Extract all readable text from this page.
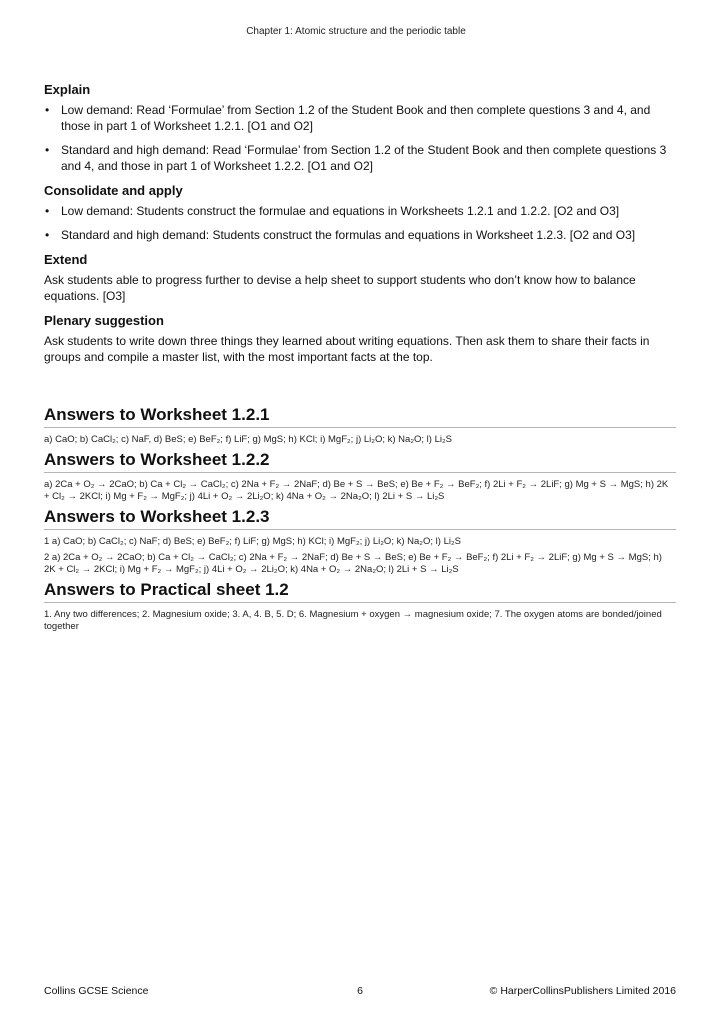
Chapter 1: Atomic structure and the periodic table
Explain
• Low demand: Read ‘Formulae’ from Section 1.2 of the Student Book and then complete questions 3 and 4, and those in part 1 of Worksheet 1.2.1. [O1 and O2]
• Standard and high demand: Read ‘Formulae’ from Section 1.2 of the Student Book and then complete questions 3 and 4, and those in part 1 of Worksheet 1.2.2. [O1 and O2]
Consolidate and apply
• Low demand: Students construct the formulae and equations in Worksheets 1.2.1 and 1.2.2. [O2 and O3]
• Standard and high demand: Students construct the formulas and equations in Worksheet 1.2.3. [O2 and O3]
Extend

Ask students able to progress further to devise a help sheet to support students who don’t know how to balance equations. [O3]

Plenary suggestion

Ask students to write down three things they learned about writing equations. Then ask them to share their facts in groups and compile a master list, with the most important facts at the top.

Answers to Worksheet 1.2.1

a) CaO; b) CaCl₂; c) NaF, d) BeS; e) BeF₂; f) LiF; g) MgS; h) KCl; i) MgF₂; j) Li₂O; k) Na₂O; l) Li₂S

Answers to Worksheet 1.2.2

a) 2Ca + O₂ → 2CaO; b) Ca + Cl₂ → CaCl₂; c) 2Na + F₂ → 2NaF; d) Be + S → BeS; e) Be + F₂ → BeF₂; f) 2Li + F₂ → 2LiF; g) Mg + S → MgS; h) 2K + Cl₂ → 2KCl; i) Mg + F₂ → MgF₂; j) 4Li + O₂ → 2Li₂O; k) 4Na + O₂ → 2Na₂O; l) 2Li + S → Li₂S

Answers to Worksheet 1.2.3

1 a) CaO; b) CaCl₂; c) NaF; d) BeS; e) BeF₂; f) LiF; g) MgS; h) KCl; i) MgF₂; j) Li₂O; k) Na₂O; l) Li₂S

2 a) 2Ca + O₂ → 2CaO; b) Ca + Cl₂ → CaCl₂; c) 2Na + F₂ → 2NaF; d) Be + S → BeS; e) Be + F₂ → BeF₂; f) 2Li + F₂ → 2LiF; g) Mg + S → MgS; h) 2K + Cl₂ → 2KCl; i) Mg + F₂ → MgF₂; j) 4Li + O₂ → 2Li₂O; k) 4Na + O₂ → 2Na₂O; l) 2Li + S → Li₂S

Answers to Practical sheet 1.2

1. Any two differences; 2. Magnesium oxide; 3. A, 4. B, 5. D; 6. Magnesium + oxygen → magnesium oxide; 7. The oxygen atoms are bonded/joined together

Collins GCSE Science	6	© HarperCollinsPublishers Limited 2016
